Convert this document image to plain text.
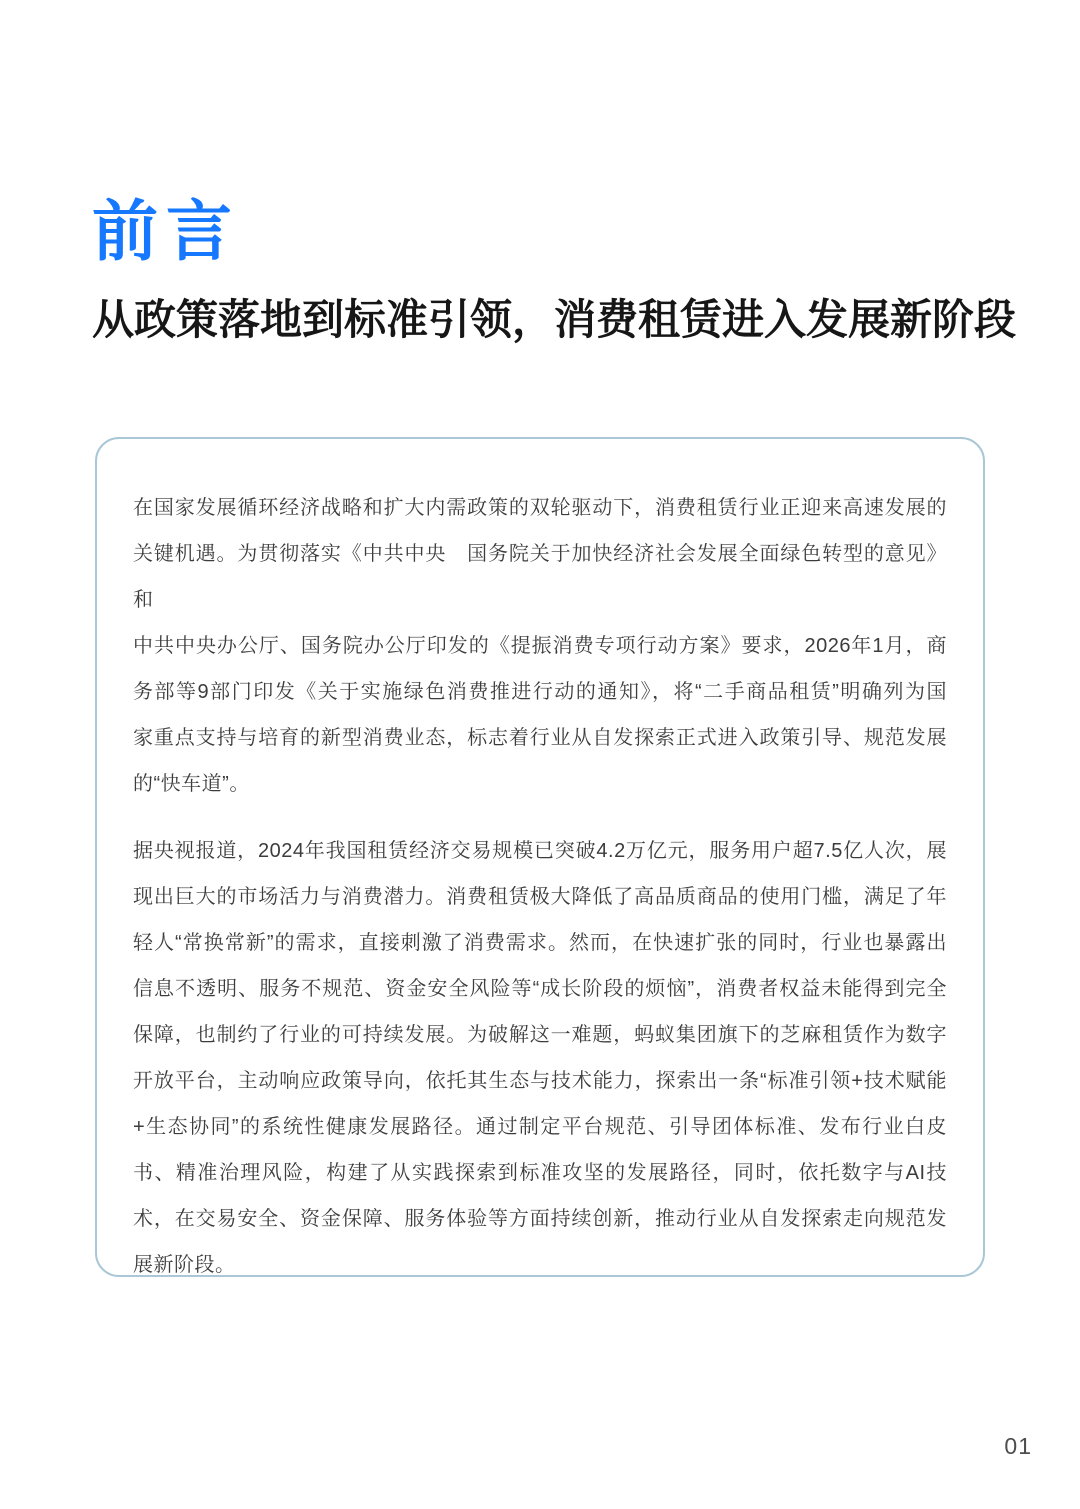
前言
从政策落地到标准引领，消费租赁进入发展新阶段
在国家发展循环经济战略和扩大内需政策的双轮驱动下，消费租赁行业正迎来高速发展的
关键机遇。为贯彻落实《中共中央　国务院关于加快经济社会发展全面绿色转型的意见》和
中共中央办公厅、国务院办公厅印发的《提振消费专项行动方案》要求，2026年1月，商
务部等9部门印发《关于实施绿色消费推进行动的通知》，将“二手商品租赁”明确列为国
家重点支持与培育的新型消费业态，标志着行业从自发探索正式进入政策引导、规范发展
的“快车道”。
据央视报道，2024年我国租赁经济交易规模已突破4.2万亿元，服务用户超7.5亿人次，展
现出巨大的市场活力与消费潜力。消费租赁极大降低了高品质商品的使用门槛，满足了年
轻人“常换常新”的需求，直接刺激了消费需求。然而，在快速扩张的同时，行业也暴露出
信息不透明、服务不规范、资金安全风险等“成长阶段的烦恼”，消费者权益未能得到完全
保障，也制约了行业的可持续发展。为破解这一难题，蚂蚁集团旗下的芝麻租赁作为数字
开放平台，主动响应政策导向，依托其生态与技术能力，探索出一条“标准引领+技术赋能
+生态协同”的系统性健康发展路径。通过制定平台规范、引导团体标准、发布行业白皮
书、精准治理风险，构建了从实践探索到标准攻坚的发展路径，同时，依托数字与AI技
术，在交易安全、资金保障、服务体验等方面持续创新，推动行业从自发探索走向规范发
展新阶段。
01
